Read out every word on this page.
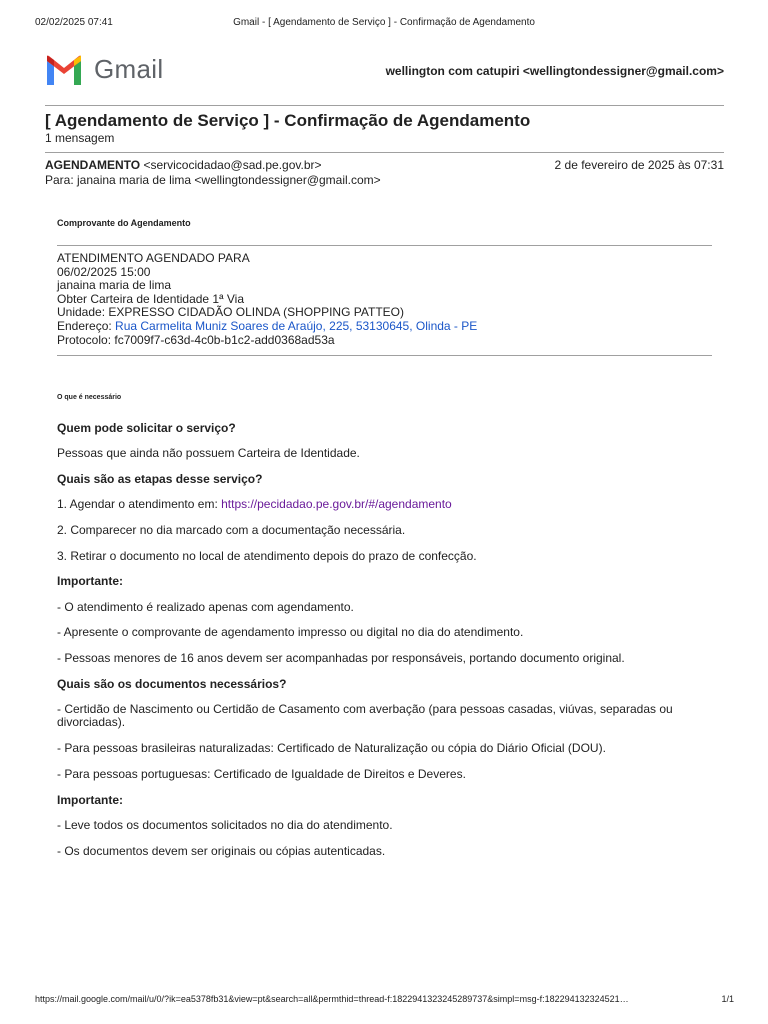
02/02/2025 07:41	Gmail - [ Agendamento de Serviço ] - Confirmação de Agendamento
Gmail	wellington com catupiri <wellingtondessigner@gmail.com>
[ Agendamento de Serviço ] - Confirmação de Agendamento
1 mensagem
AGENDAMENTO <servicocidadao@sad.pe.gov.br>	2 de fevereiro de 2025 às 07:31
Para: janaina maria de lima <wellingtondessigner@gmail.com>
Comprovante do Agendamento
ATENDIMENTO AGENDADO PARA
06/02/2025 15:00
janaina maria de lima
Obter Carteira de Identidade 1ª Via
Unidade: EXPRESSO CIDADÃO OLINDA (SHOPPING PATTEO)
Endereço: Rua Carmelita Muniz Soares de Araújo, 225, 53130645, Olinda - PE
Protocolo: fc7009f7-c63d-4c0b-b1c2-add0368ad53a
O que é necessário
Quem pode solicitar o serviço?
Pessoas que ainda não possuem Carteira de Identidade.
Quais são as etapas desse serviço?
1. Agendar o atendimento em: https://pecidadao.pe.gov.br/#/agendamento
2. Comparecer no dia marcado com a documentação necessária.
3. Retirar o documento no local de atendimento depois do prazo de confecção.
Importante:
- O atendimento é realizado apenas com agendamento.
- Apresente o comprovante de agendamento impresso ou digital no dia do atendimento.
- Pessoas menores de 16 anos devem ser acompanhadas por responsáveis, portando documento original.
Quais são os documentos necessários?
- Certidão de Nascimento ou Certidão de Casamento com averbação (para pessoas casadas, viúvas, separadas ou divorciadas).
- Para pessoas brasileiras naturalizadas: Certificado de Naturalização ou cópia do Diário Oficial (DOU).
- Para pessoas portuguesas: Certificado de Igualdade de Direitos e Deveres.
Importante:
- Leve todos os documentos solicitados no dia do atendimento.
- Os documentos devem ser originais ou cópias autenticadas.
https://mail.google.com/mail/u/0/?ik=ea5378fb31&view=pt&search=all&permthid=thread-f:1822941323245289737&simpl=msg-f:182294132324521…	1/1
